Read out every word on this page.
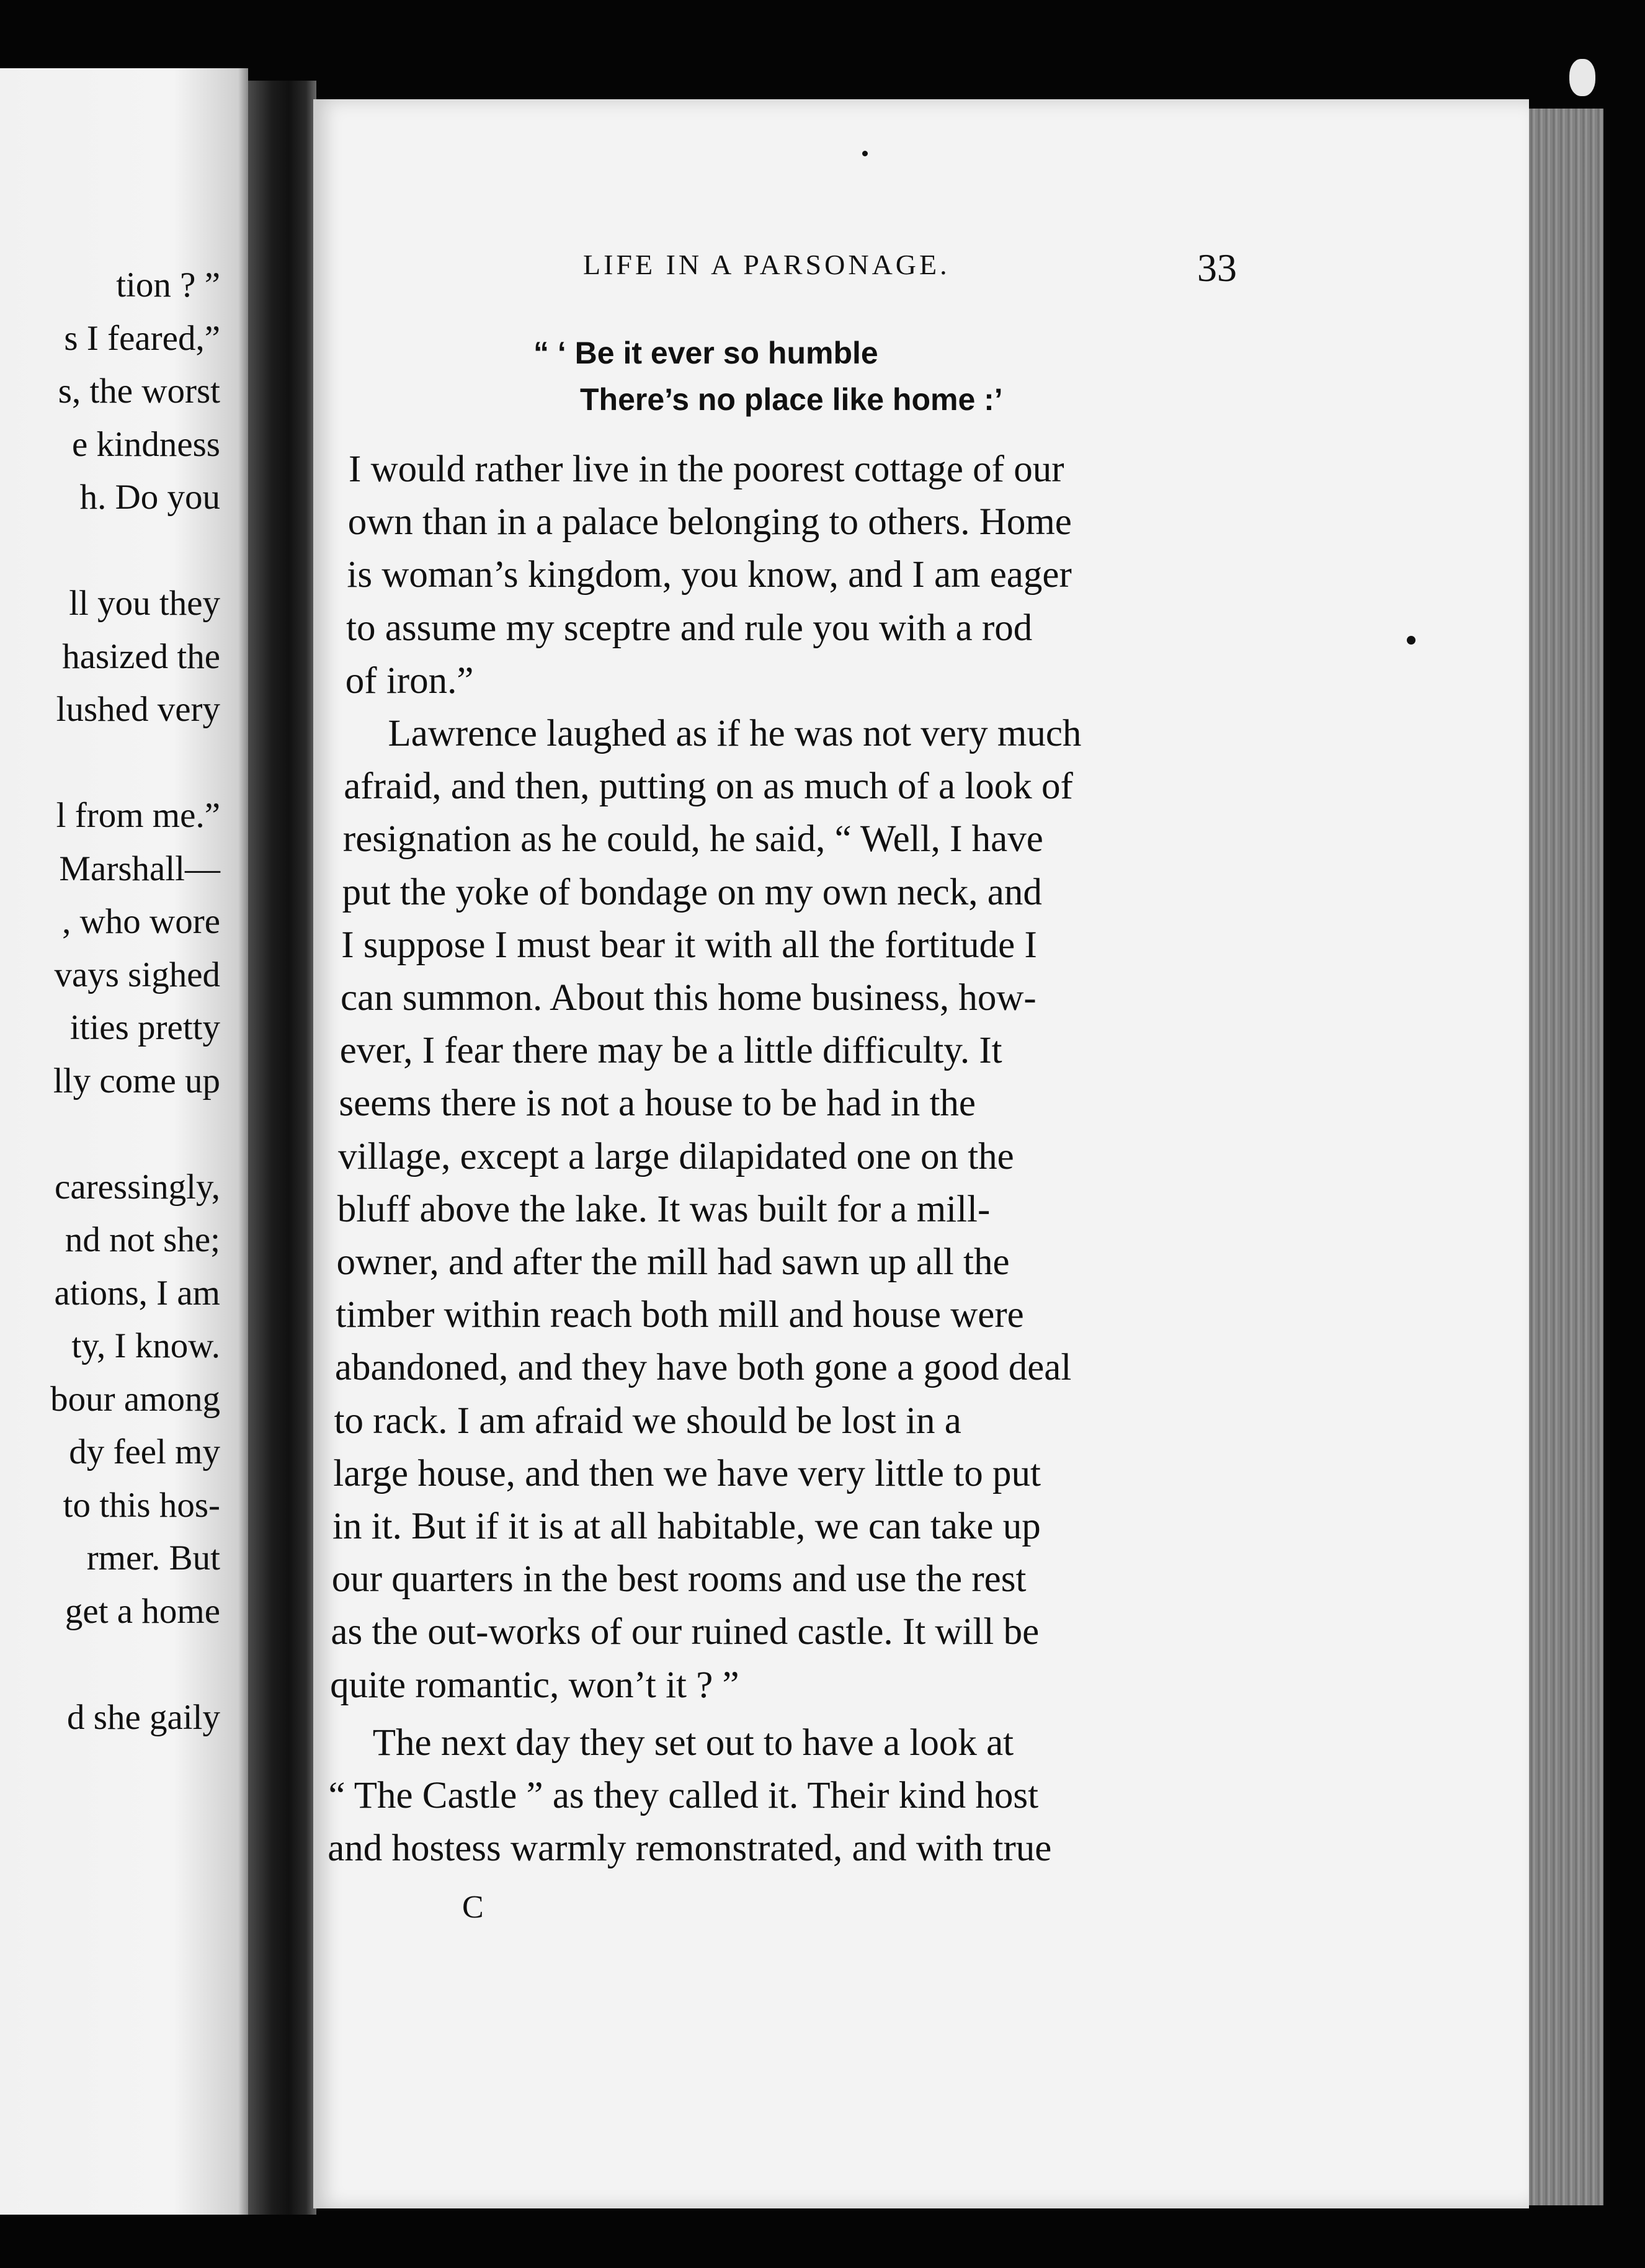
tion ? ”
s I feared,”
s, the worst
e kindness
h. Do you
ll you they
hasized the
lushed very
l from me.”
Marshall—
, who wore
vays sighed
ities pretty
lly come up
caressingly,
nd not she;
ations, I am
ty, I know.
bour among
dy feel my
to this hos-
rmer. But
get a home
d she gaily
LIFE IN A PARSONAGE.	33
“ ‘ Be it ever so humble
There’s no place like home :’
I would rather live in the poorest cottage of our
own than in a palace belonging to others. Home
is woman’s kingdom, you know, and I am eager
to assume my sceptre and rule you with a rod
of iron.”
Lawrence laughed as if he was not very much
afraid, and then, putting on as much of a look of
resignation as he could, he said, “ Well, I have
put the yoke of bondage on my own neck, and
I suppose I must bear it with all the fortitude I
can summon. About this home business, how-
ever, I fear there may be a little difficulty. It
seems there is not a house to be had in the
village, except a large dilapidated one on the
bluff above the lake. It was built for a mill-
owner, and after the mill had sawn up all the
timber within reach both mill and house were
abandoned, and they have both gone a good deal
to rack. I am afraid we should be lost in a
large house, and then we have very little to put
in it. But if it is at all habitable, we can take up
our quarters in the best rooms and use the rest
as the out-works of our ruined castle. It will be
quite romantic, won’t it ? ”
The next day they set out to have a look at
“ The Castle ” as they called it. Their kind host
and hostess warmly remonstrated, and with true
C
